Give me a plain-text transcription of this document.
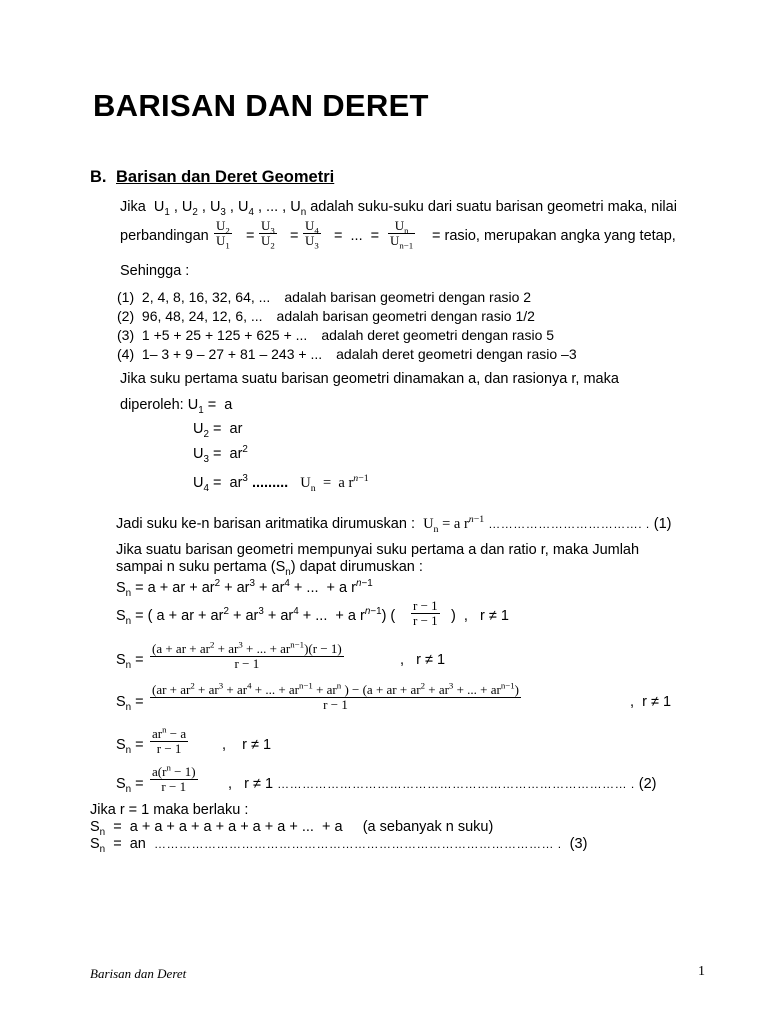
BARISAN DAN DERET
B. Barisan dan Deret Geometri
Jika  $U_1$ , $U_2$ , $U_3$ , $U_4$ , ... , $U_n$ adalah suku-suku dari suatu barisan geometri maka, nilai
perbandingan $\frac{U_2}{U_1} = \frac{U_3}{U_2} = \frac{U_4}{U_3}$ =  ...  = $\frac{U_n}{U_{n-1}}$ = rasio, merupakan angka yang tetap,
Sehingga :
(1) 2, 4, 8, 16, 32, 64, ... adalah barisan geometri dengan rasio 2
(2) 96, 48, 24, 12, 6, ... adalah barisan geometri dengan rasio 1/2
(3) 1 +5 + 25 + 125 + 625 + ... adalah deret geometri dengan rasio 5
(4) 1– 3 + 9 – 27 + 81 – 243 + ... adalah deret geometri dengan rasio –3
Jika suku pertama suatu barisan geometri dinamakan a, dan rasionya r, maka
diperoleh: $U_1 = a$
$U_2$ =  ar
$U_3 = ar^2$
$U_4 = ar^3$ ......... $U_n = a$ $r^{n-1}$
Jadi suku ke-n barisan aritmatika dirumuskan : $U_n = a$ $r^{n-1}$ ………………………………. . (1)
Jika suatu barisan geometri mempunyai suku pertama a dan ratio r, maka Jumlah
sampai n suku pertama $(S_n)$ dapat dirumuskan :
$S_n = a$ + ar + $ar^2 + ar^3 + ar^4$ + ...  + a $r^{n-1}$
$S_n$ = ( a + ar + $ar^2 + ar^3 + ar^4$ + ...  + a $r^{n-1}$) ( $\frac{r - 1}{r - 1}$ )  ,   r ≠ 1
$S_n$ =
(a + ar + $ar^2 + ar^3$ + ... + $ar^{n-1})(r - 1)$
r − 1	,   r ≠ 1
$S_n$ =
($ar + ar^2 + ar^3 + ar^4$ + ... + $ar^{n-1} + ar^n$ ) − (a + ar + $ar^2 + ar^3$ + ... + $ar^{n-1}$)
r − 1	,  r ≠ 1
$S_n$ =
$ar^n - a$
r − 1	,    r ≠ 1
$S_n = \frac{a(r^n - 1)}{r - 1}$ ,   r ≠ 1 ………………………………………………………………………… . (2)
Jika r = 1 maka berlaku :
$S_n = a + a + a + a + a + a + a$ + ...  + a     (a sebanyak n suku)
$S_n$  =  an  …………………………………………………………………………………… . (3)
Barisan dan Deret	1
